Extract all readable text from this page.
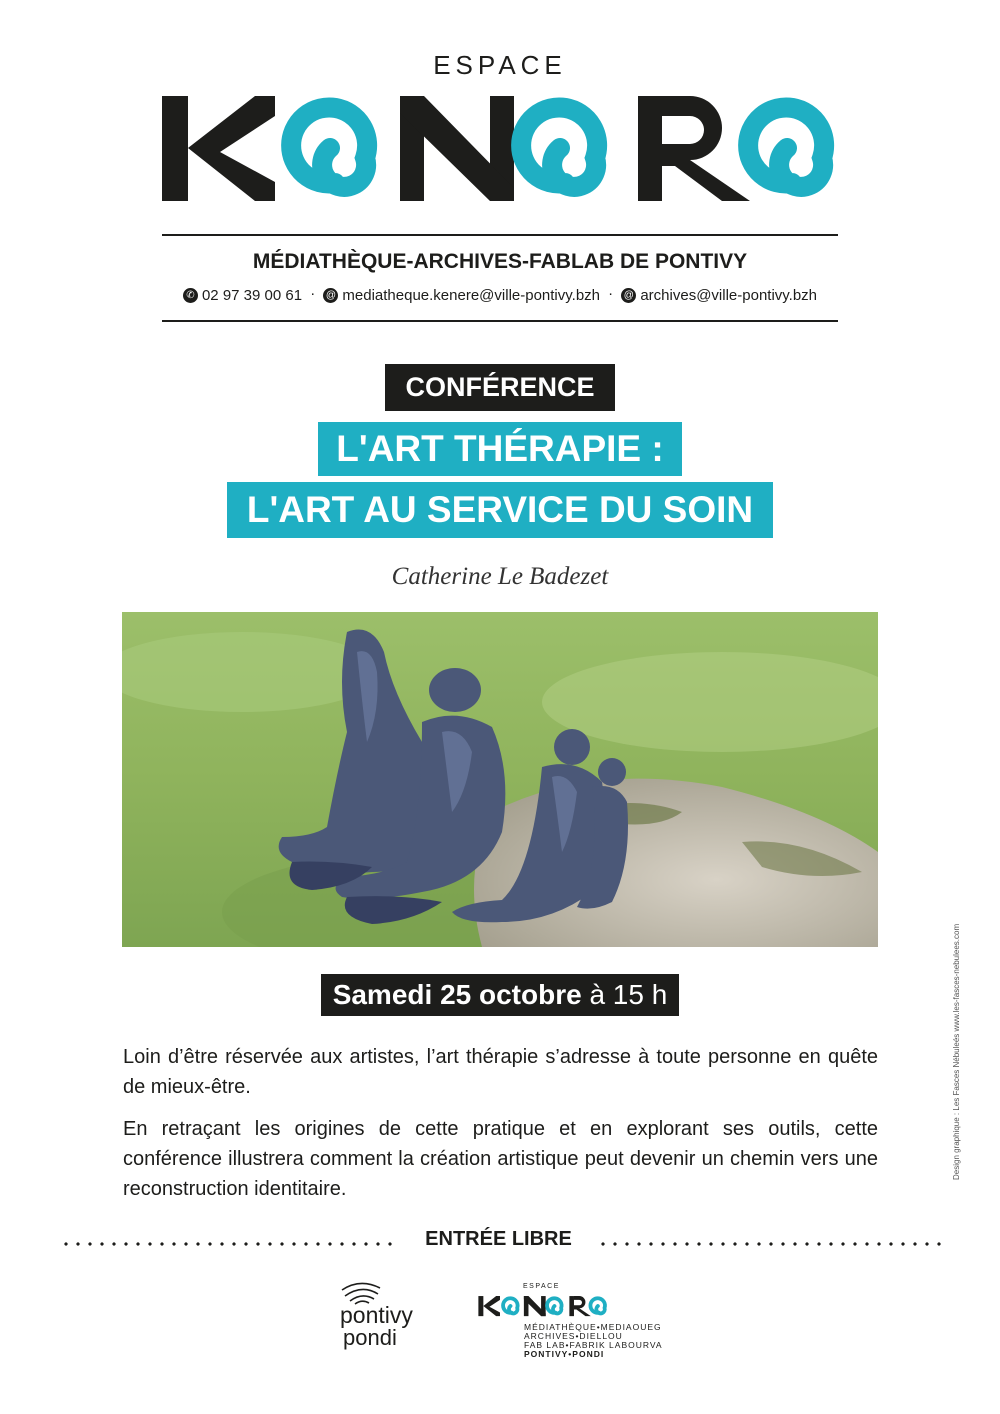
ESPACE
MÉDIATHÈQUE-ARCHIVES-FABLAB DE PONTIVY
✆ 02 97 39 00 61 · @ mediatheque.kenere@ville-pontivy.bzh · @ archives@ville-pontivy.bzh
CONFÉRENCE
L'ART THÉRAPIE :
L'ART AU SERVICE DU SOIN
Catherine Le Badezet
Samedi 25 octobre à 15 h
Loin d’être réservée aux artistes, l’art thérapie s’adresse à toute personne en quête de mieux-être.
En retraçant les origines de cette pratique et en explorant ses outils, cette conférence illustrera comment la création artistique peut devenir un chemin vers une reconstruction identitaire.
ENTRÉE LIBRE
pontivy
pondi
ESPACE
MÉDIATHÈQUE•MEDIAOUEG
ARCHIVES•DIELLOU
FAB LAB•FABRIK LABOURVA
PONTIVY•PONDI
Design graphique : Les Fasces Nébuleés www.les-fasces-nebulees.com
